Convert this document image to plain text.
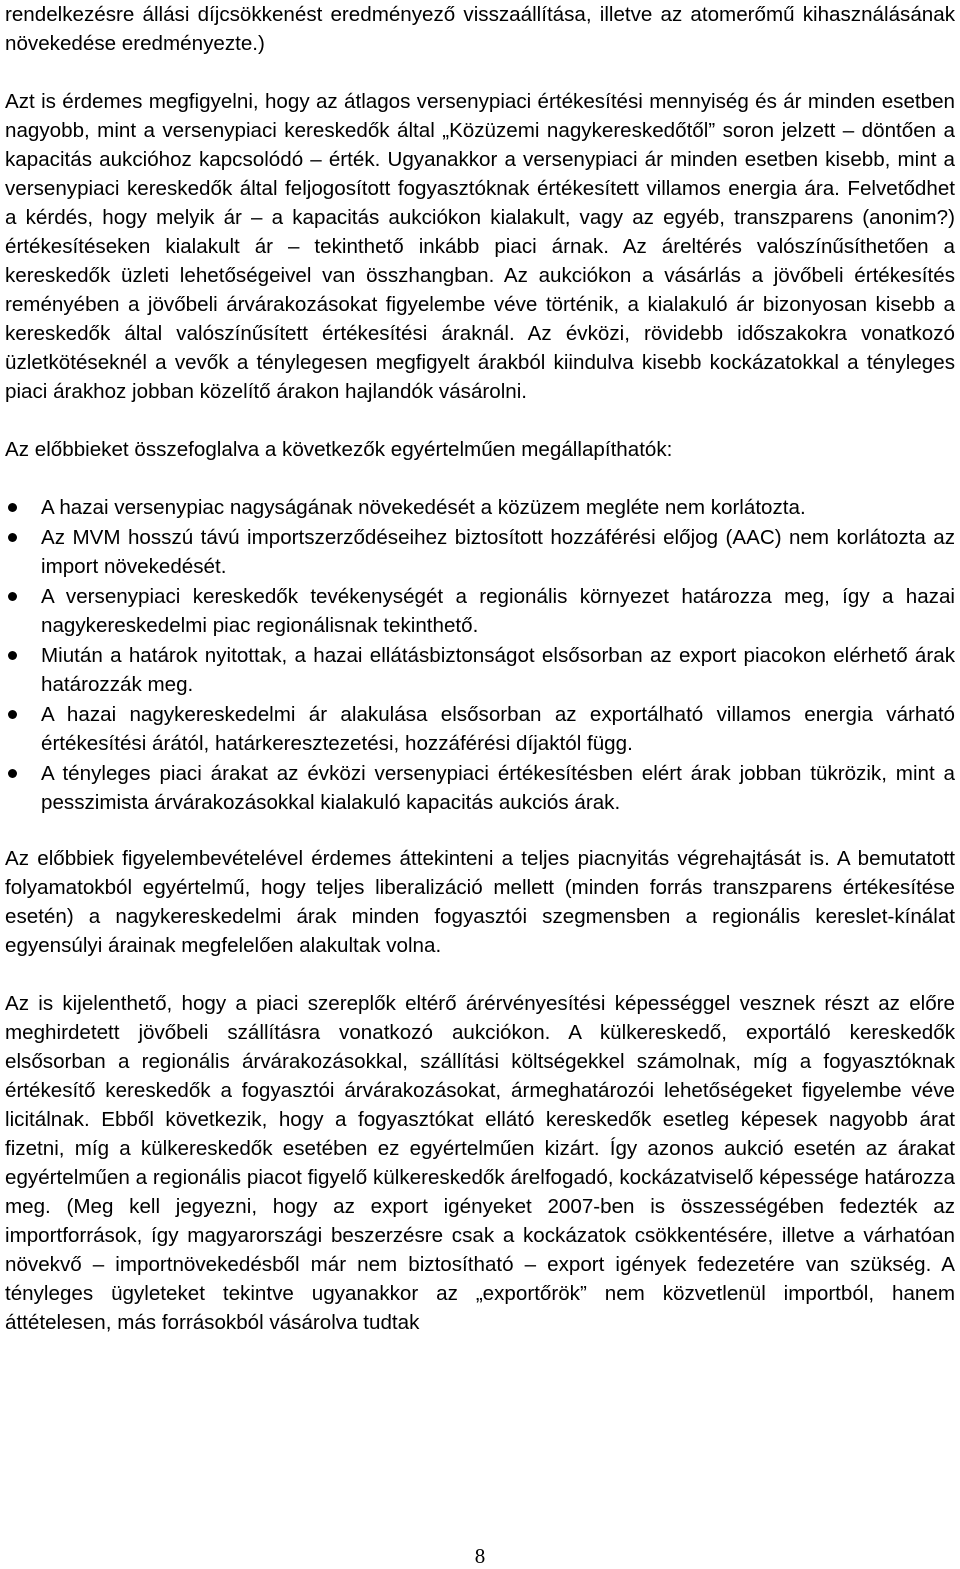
rendelkezésre állási díjcsökkenést eredményező visszaállítása, illetve az atomerőmű kihasználásának növekedése eredményezte.)

Azt is érdemes megfigyelni, hogy az átlagos versenypiaci értékesítési mennyiség és ár minden esetben nagyobb, mint a versenypiaci kereskedők által „Közüzemi nagykereskedőtől” soron jelzett – döntően a kapacitás aukcióhoz kapcsolódó – érték. Ugyanakkor a versenypiaci ár minden esetben kisebb, mint a versenypiaci kereskedők által feljogosított fogyasztóknak értékesített villamos energia ára. Felvetődhet a kérdés, hogy melyik ár – a kapacitás aukciókon kialakult, vagy az egyéb, transzparens (anonim?) értékesítéseken kialakult ár – tekinthető inkább piaci árnak. Az áreltérés valószínűsíthetően a kereskedők üzleti lehetőségeivel van összhangban. Az aukciókon a vásárlás a jövőbeli értékesítés reményében a jövőbeli árvárakozásokat figyelembe véve történik, a kialakuló ár bizonyosan kisebb a kereskedők által valószínűsített értékesítési áraknál. Az évközi, rövidebb időszakokra vonatkozó üzletkötéseknél a vevők a ténylegesen megfigyelt árakból kiindulva kisebb kockázatokkal a tényleges piaci árakhoz jobban közelítő árakon hajlandók vásárolni.

Az előbbieket összefoglalva a következők egyértelműen megállapíthatók:

A hazai versenypiac nagyságának növekedését a közüzem megléte nem korlátozta.
Az MVM hosszú távú importszerződéseihez biztosított hozzáférési előjog (AAC) nem korlátozta az import növekedését.
A versenypiaci kereskedők tevékenységét a regionális környezet határozza meg, így a hazai nagykereskedelmi piac regionálisnak tekinthető.
Miután a határok nyitottak, a hazai ellátásbiztonságot elsősorban az export piacokon elérhető árak határozzák meg.
A hazai nagykereskedelmi ár alakulása elsősorban az exportálható villamos energia várható értékesítési árától, határkeresztezetési, hozzáférési díjaktól függ.
A tényleges piaci árakat az évközi versenypiaci értékesítésben elért árak jobban tükrözik, mint a pesszimista árvárakozásokkal kialakuló kapacitás aukciós árak.

Az előbbiek figyelembevételével érdemes áttekinteni a teljes piacnyitás végrehajtását is. A bemutatott folyamatokból egyértelmű, hogy teljes liberalizáció mellett (minden forrás transzparens értékesítése esetén) a nagykereskedelmi árak minden fogyasztói szegmensben a regionális kereslet-kínálat egyensúlyi árainak megfelelően alakultak volna.

Az is kijelenthető, hogy a piaci szereplők eltérő árérvényesítési képességgel vesznek részt az előre meghirdetett jövőbeli szállításra vonatkozó aukciókon. A külkereskedő, exportáló kereskedők elsősorban a regionális árvárakozásokkal, szállítási költségekkel számolnak, míg a fogyasztóknak értékesítő kereskedők a fogyasztói árvárakozásokat, ármeghatározói lehetőségeket figyelembe véve licitálnak. Ebből következik, hogy a fogyasztókat ellátó kereskedők esetleg képesek nagyobb árat fizetni, míg a külkereskedők esetében ez egyértelműen kizárt. Így azonos aukció esetén az árakat egyértelműen a regionális piacot figyelő külkereskedők árelfogadó, kockázatviselő képessége határozza meg. (Meg kell jegyezni, hogy az export igényeket 2007-ben is összességében fedezték az importforrások, így magyarországi beszerzésre csak a kockázatok csökkentésére, illetve a várhatóan növekvő – importnövekedésből már nem biztosítható – export igények fedezetére van szükség. A tényleges ügyleteket tekintve ugyanakkor az „exportőrök” nem közvetlenül importból, hanem áttételesen, más forrásokból vásárolva tudtak

8
